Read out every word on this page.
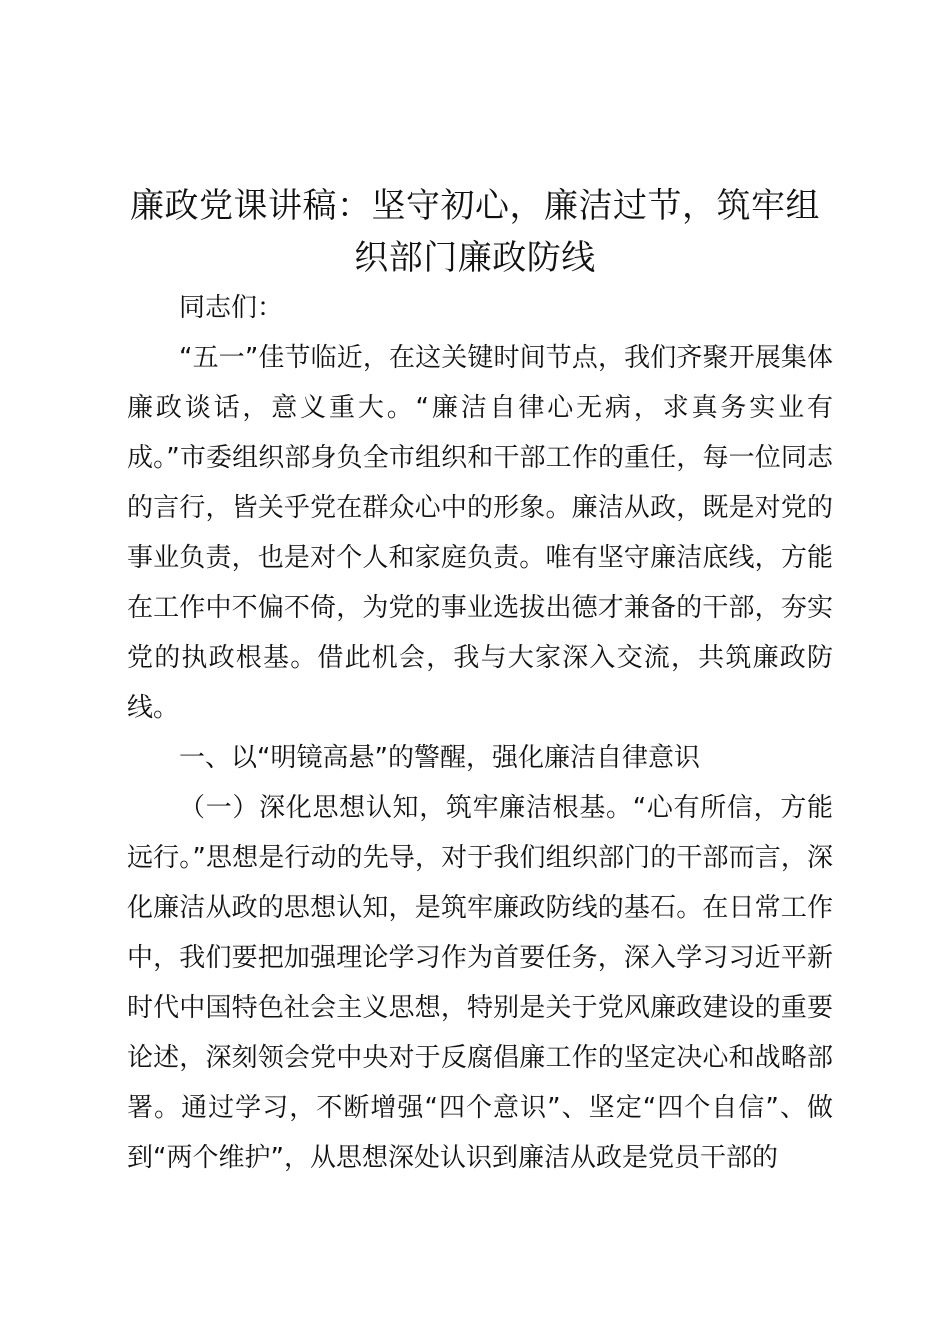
廉政党课讲稿：坚守初心，廉洁过节，筑牢组
织部门廉政防线

同志们：

“五一”佳节临近，在这关键时间节点，我们齐聚开展集体廉政谈话，意义重大。“廉洁自律心无病，求真务实业有成。”市委组织部身负全市组织和干部工作的重任，每一位同志的言行，皆关乎党在群众心中的形象。廉洁从政，既是对党的事业负责，也是对个人和家庭负责。唯有坚守廉洁底线，方能在工作中不偏不倚，为党的事业选拔出德才兼备的干部，夯实党的执政根基。借此机会，我与大家深入交流，共筑廉政防线。

一、以“明镜高悬”的警醒，强化廉洁自律意识

（一）深化思想认知，筑牢廉洁根基。“心有所信，方能远行。”思想是行动的先导，对于我们组织部门的干部而言，深化廉洁从政的思想认知，是筑牢廉政防线的基石。在日常工作中，我们要把加强理论学习作为首要任务，深入学习习近平新时代中国特色社会主义思想，特别是关于党风廉政建设的重要论述，深刻领会党中央对于反腐倡廉工作的坚定决心和战略部署。通过学习，不断增强“四个意识”、坚定“四个自信”、做到“两个维护”，从思想深处认识到廉洁从政是党员干部的
